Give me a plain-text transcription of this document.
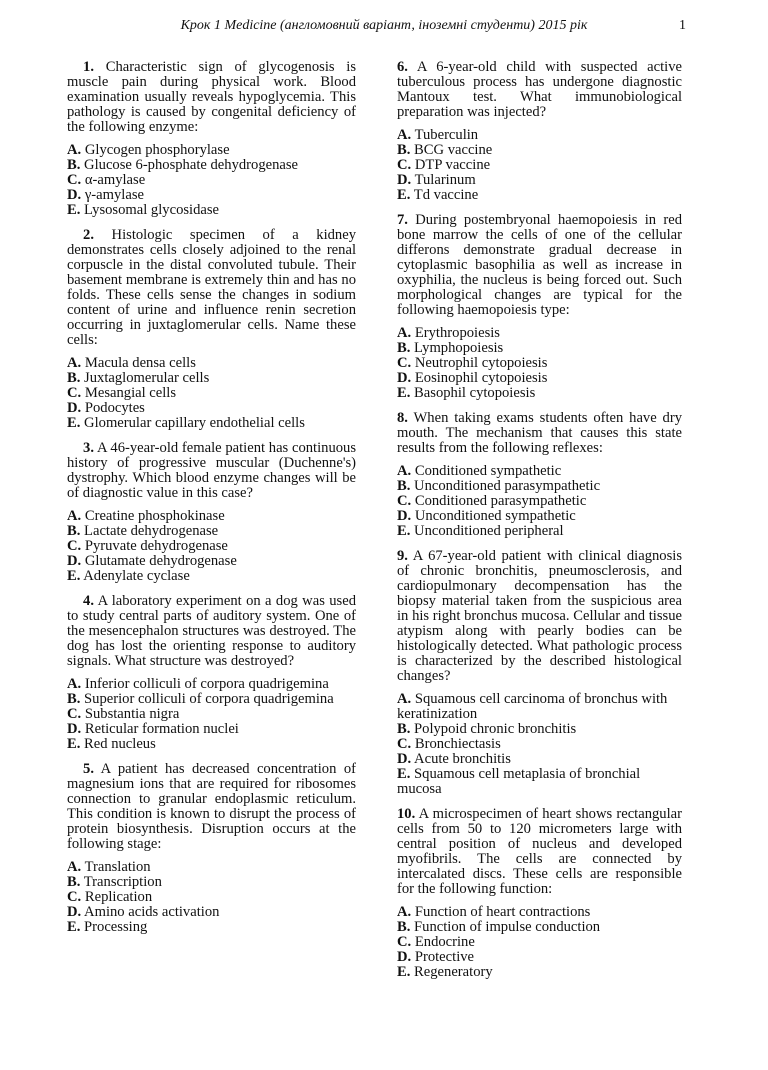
Крок 1 Medicine (англомовний варіант, іноземні студенти) 2015 рік	1

1. Characteristic sign of glycogenosis is muscle pain during physical work. Blood examination usually reveals hypoglycemia. This pathology is caused by congenital deficiency of the following enzyme:

A. Glycogen phosphorylase
B. Glucose 6-phosphate dehydrogenase
C. α-amylase
D. γ-amylase
E. Lysosomal glycosidase

2. Histologic specimen of a kidney demonstrates cells closely adjoined to the renal corpuscle in the distal convoluted tubule. Their basement membrane is extremely thin and has no folds. These cells sense the changes in sodium content of urine and influence renin secretion occurring in juxtaglomerular cells. Name these cells:

A. Macula densa cells
B. Juxtaglomerular cells
C. Mesangial cells
D. Podocytes
E. Glomerular capillary endothelial cells

3. A 46-year-old female patient has continuous history of progressive muscular (Duchenne's) dystrophy. Which blood enzyme changes will be of diagnostic value in this case?

A. Creatine phosphokinase
B. Lactate dehydrogenase
C. Pyruvate dehydrogenase
D. Glutamate dehydrogenase
E. Adenylate cyclase

4. A laboratory experiment on a dog was used to study central parts of auditory system. One of the mesencephalon structures was destroyed. The dog has lost the orienting response to auditory signals. What structure was destroyed?

A. Inferior colliculi of corpora quadrigemina
B. Superior colliculi of corpora quadrigemina
C. Substantia nigra
D. Reticular formation nuclei
E. Red nucleus

5. A patient has decreased concentration of magnesium ions that are required for ribosomes connection to granular endoplasmic reticulum. This condition is known to disrupt the process of protein biosynthesis. Disruption occurs at the following stage:

A. Translation
B. Transcription
C. Replication
D. Amino acids activation
E. Processing

6. A 6-year-old child with suspected active tuberculous process has undergone diagnostic Mantoux test. What immunobiological preparation was injected?

A. Tuberculin
B. BCG vaccine
C. DTP vaccine
D. Tularinum
E. Td vaccine

7. During postembryonal haemopoiesis in red bone marrow the cells of one of the cellular differons demonstrate gradual decrease in cytoplasmic basophilia as well as increase in oxyphilia, the nucleus is being forced out. Such morphological changes are typical for the following haemopoiesis type:

A. Erythropoiesis
B. Lymphopoiesis
C. Neutrophil cytopoiesis
D. Eosinophil cytopoiesis
E. Basophil cytopoiesis

8. When taking exams students often have dry mouth. The mechanism that causes this state results from the following reflexes:

A. Conditioned sympathetic
B. Unconditioned parasympathetic
C. Conditioned parasympathetic
D. Unconditioned sympathetic
E. Unconditioned peripheral

9. A 67-year-old patient with clinical diagnosis of chronic bronchitis, pneumosclerosis, and cardiopulmonary decompensation has the biopsy material taken from the suspicious area in his right bronchus mucosa. Cellular and tissue atypism along with pearly bodies can be histologically detected. What pathologic process is characterized by the described histological changes?

A. Squamous cell carcinoma of bronchus with keratinization
B. Polypoid chronic bronchitis
C. Bronchiectasis
D. Acute bronchitis
E. Squamous cell metaplasia of bronchial mucosa

10. A microspecimen of heart shows rectangular cells from 50 to 120 micrometers large with central position of nucleus and developed myofibrils. The cells are connected by intercalated discs. These cells are responsible for the following function:

A. Function of heart contractions
B. Function of impulse conduction
C. Endocrine
D. Protective
E. Regeneratory
